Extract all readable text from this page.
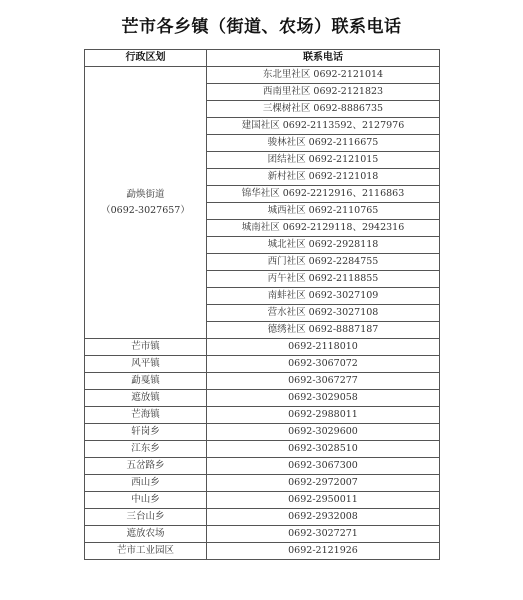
芒市各乡镇（街道、农场）联系电话
行政区划	联系电话

勐焕街道
（0692-3027657）	东北里社区 0692-2121014
	西南里社区 0692-2121823
	三棵树社区 0692-8886735
	建国社区 0692-2113592、2127976
	骏林社区 0692-2116675
	团结社区 0692-2121015
	新村社区 0692-2121018
	锦华社区 0692-2212916、2116863
	城西社区 0692-2110765
	城南社区 0692-2129118、2942316
	城北社区 0692-2928118
	西门社区 0692-2284755
	丙午社区 0692-2118855
	南蚌社区 0692-3027109
	营水社区 0692-3027108
	德绣社区 0692-8887187
芒市镇	0692-2118010
风平镇	0692-3067072
勐戛镇	0692-3067277
遮放镇	0692-3029058
芒海镇	0692-2988011
轩岗乡	0692-3029600
江东乡	0692-3028510
五岔路乡	0692-3067300
西山乡	0692-2972007
中山乡	0692-2950011
三台山乡	0692-2932008
遮放农场	0692-3027271
芒市工业园区	0692-2121926
